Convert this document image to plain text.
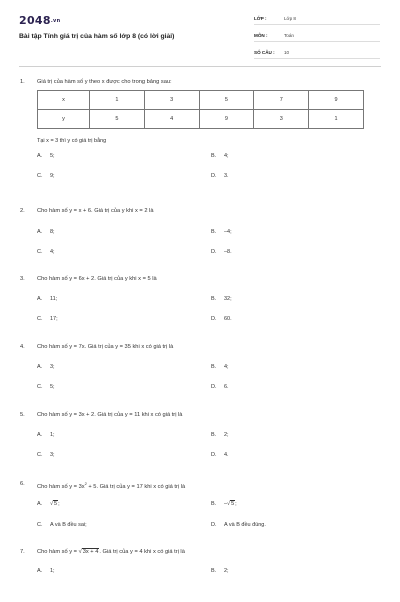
2048.vn
Bài tập Tính giá trị của hàm số lớp 8 (có lời giải)
LỚP :	Lớp 8
MÔN :	Toán
SỐ CÂU : 10
1. Giá trị của hàm số y theo x được cho trong bảng sau:
x	1	3	5	7	9
y	5	4	9	3	1
Tại x = 3 thì y có giá trị bằng
A. 5;	B. 4;
C. 9;	D. 3.
2. Cho hàm số y = x + 6. Giá trị của y khi x = 2 là
A. 8;	B. –4;
C. 4;	D. –8.
3. Cho hàm số y = 6x + 2. Giá trị của y khi x = 5 là
A. 11;	B. 32;
C. 17;	D. 60.
4. Cho hàm số y = 7x. Giá trị của y = 35 khi x có giá trị là
A. 3;	B. 4;
C. 5;	D. 6.
5. Cho hàm số y = 3x + 2. Giá trị của y = 11 khi x có giá trị là
A. 1;	B. 2;
C. 3;	D. 4.
6. Cho hàm số $y = 3x^2 + 5$. Giá trị của y = 17 khi x có giá trị là
A. √5;	B. –√5;
C. A và B đều sai;	D. A và B đều đúng.
7. Cho hàm số y = √3x + 4. Giá trị của y = 4 khi x có giá trị là
A. 1;	B. 2;
